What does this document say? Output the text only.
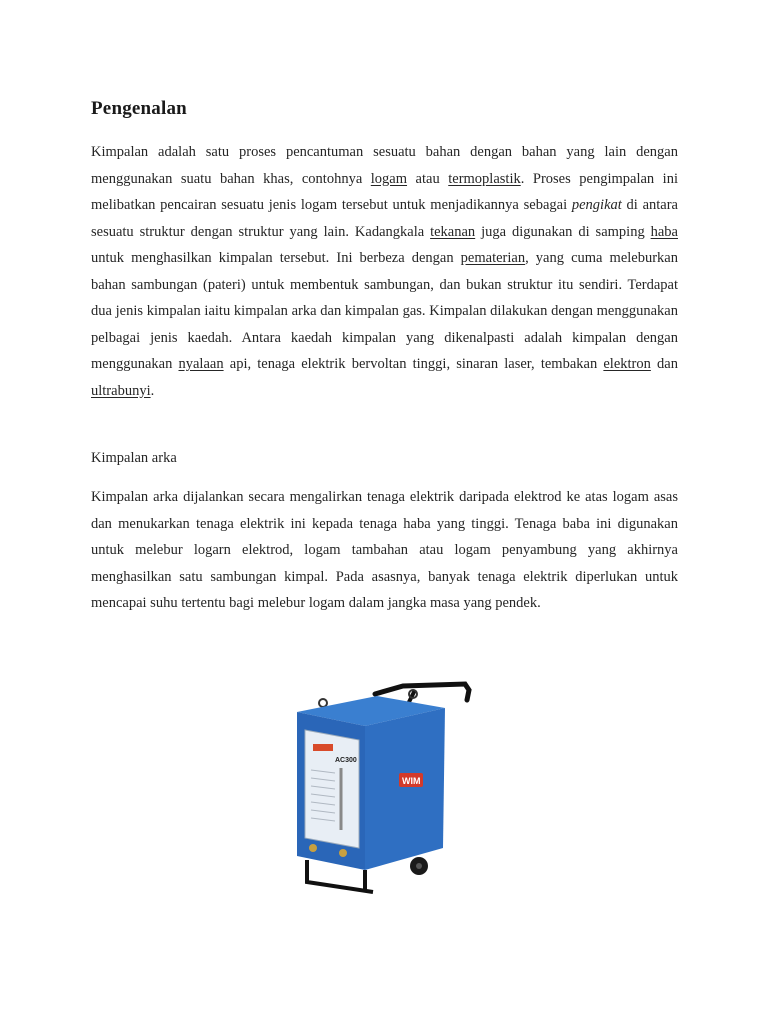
Pengenalan

Kimpalan adalah satu proses pencantuman sesuatu bahan dengan bahan yang lain dengan menggunakan suatu bahan khas, contohnya logam atau termoplastik. Proses pengimpalan ini melibatkan pencairan sesuatu jenis logam tersebut untuk menjadikannya sebagai pengikat di antara sesuatu struktur dengan struktur yang lain. Kadangkala tekanan juga digunakan di samping haba untuk menghasilkan kimpalan tersebut. Ini berbeza dengan pematerian, yang cuma meleburkan bahan sambungan (pateri) untuk membentuk sambungan, dan bukan struktur itu sendiri. Terdapat dua jenis kimpalan iaitu kimpalan arka dan kimpalan gas. Kimpalan dilakukan dengan menggunakan pelbagai jenis kaedah. Antara kaedah kimpalan yang dikenalpasti adalah kimpalan dengan menggunakan nyalaan api, tenaga elektrik bervoltan tinggi, sinaran laser, tembakan elektron dan ultrabunyi.

Kimpalan arka

Kimpalan arka dijalankan secara mengalirkan tenaga elektrik daripada elektrod ke atas logam asas dan menukarkan tenaga elektrik ini kepada tenaga haba yang tinggi. Tenaga baba ini digunakan untuk melebur logarn elektrod, logam tambahan atau logam penyambung yang akhirnya menghasilkan satu sambungan kimpal. Pada asasnya, banyak tenaga elektrik diperlukan untuk mencapai suhu tertentu bagi melebur logam dalam jangka masa yang pendek.

AC300
WIM
